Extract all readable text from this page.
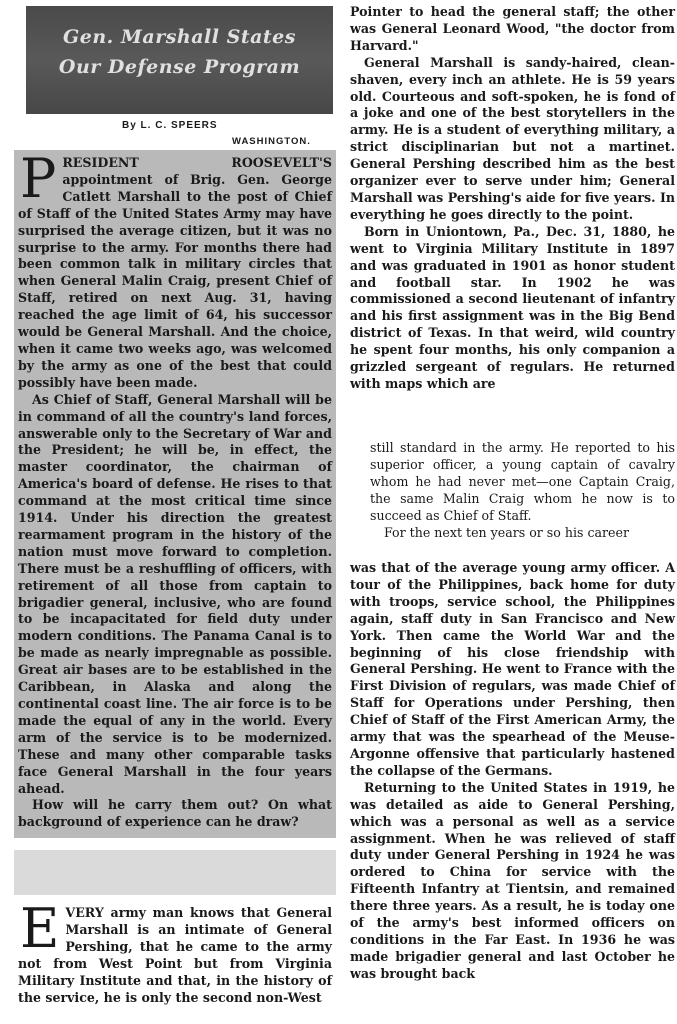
Gen. Marshall States
Our Defense Program
By L. C. SPEERS
WASHINGTON.

PRESIDENT ROOSEVELT'S appointment of Brig. Gen. George Catlett Marshall to the post of Chief of Staff of the United States Army may have surprised the average citizen, but it was no surprise to the army. For months there had been common talk in military circles that when General Malin Craig, present Chief of Staff, retired on next Aug. 31, having reached the age limit of 64, his successor would be General Marshall. And the choice, when it came two weeks ago, was welcomed by the army as one of the best that could possibly have been made.

As Chief of Staff, General Marshall will be in command of all the country's land forces, answerable only to the Secretary of War and the President; he will be, in effect, the master coordinator, the chairman of America's board of defense. He rises to that command at the most critical time since 1914. Under his direction the greatest rearmament program in the history of the nation must move forward to completion. There must be a reshuffling of officers, with retirement of all those from captain to brigadier general, inclusive, who are found to be incapacitated for field duty under modern conditions. The Panama Canal is to be made as nearly impregnable as possible. Great air bases are to be established in the Caribbean, in Alaska and along the continental coast line. The air force is to be made the equal of any in the world. Every arm of the service is to be modernized. These and many other comparable tasks face General Marshall in the four years ahead.

How will he carry them out? On what background of experience can he draw?

EVERY army man knows that General Marshall is an intimate of General Pershing, that he came to the army not from West Point but from Virginia Military Institute and that, in the history of the service, he is only the second non-West

Pointer to head the general staff; the other was General Leonard Wood, "the doctor from Harvard."

General Marshall is sandy-haired, clean-shaven, every inch an athlete. He is 59 years old. Courteous and soft-spoken, he is fond of a joke and one of the best storytellers in the army. He is a student of everything military, a strict disciplinarian but not a martinet. General Pershing described him as the best organizer ever to serve under him; General Marshall was Pershing's aide for five years. In everything he goes directly to the point.

Born in Uniontown, Pa., Dec. 31, 1880, he went to Virginia Military Institute in 1897 and was graduated in 1901 as honor student and football star. In 1902 he was commissioned a second lieutenant of infantry and his first assignment was in the Big Bend district of Texas. In that weird, wild country he spent four months, his only companion a grizzled sergeant of regulars. He returned with maps which are

still standard in the army. He reported to his superior officer, a young captain of cavalry whom he had never met—one Captain Craig, the same Malin Craig whom he now is to succeed as Chief of Staff.

For the next ten years or so his career

was that of the average young army officer. A tour of the Philippines, back home for duty with troops, service school, the Philippines again, staff duty in San Francisco and New York. Then came the World War and the beginning of his close friendship with General Pershing. He went to France with the First Division of regulars, was made Chief of Staff for Operations under Pershing, then Chief of Staff of the First American Army, the army that was the spearhead of the Meuse-Argonne offensive that particularly hastened the collapse of the Germans.

Returning to the United States in 1919, he was detailed as aide to General Pershing, which was a personal as well as a service assignment. When he was relieved of staff duty under General Pershing in 1924 he was ordered to China for service with the Fifteenth Infantry at Tientsin, and remained there three years. As a result, he is today one of the army's best informed officers on conditions in the Far East. In 1936 he was made brigadier general and last October he was brought back
